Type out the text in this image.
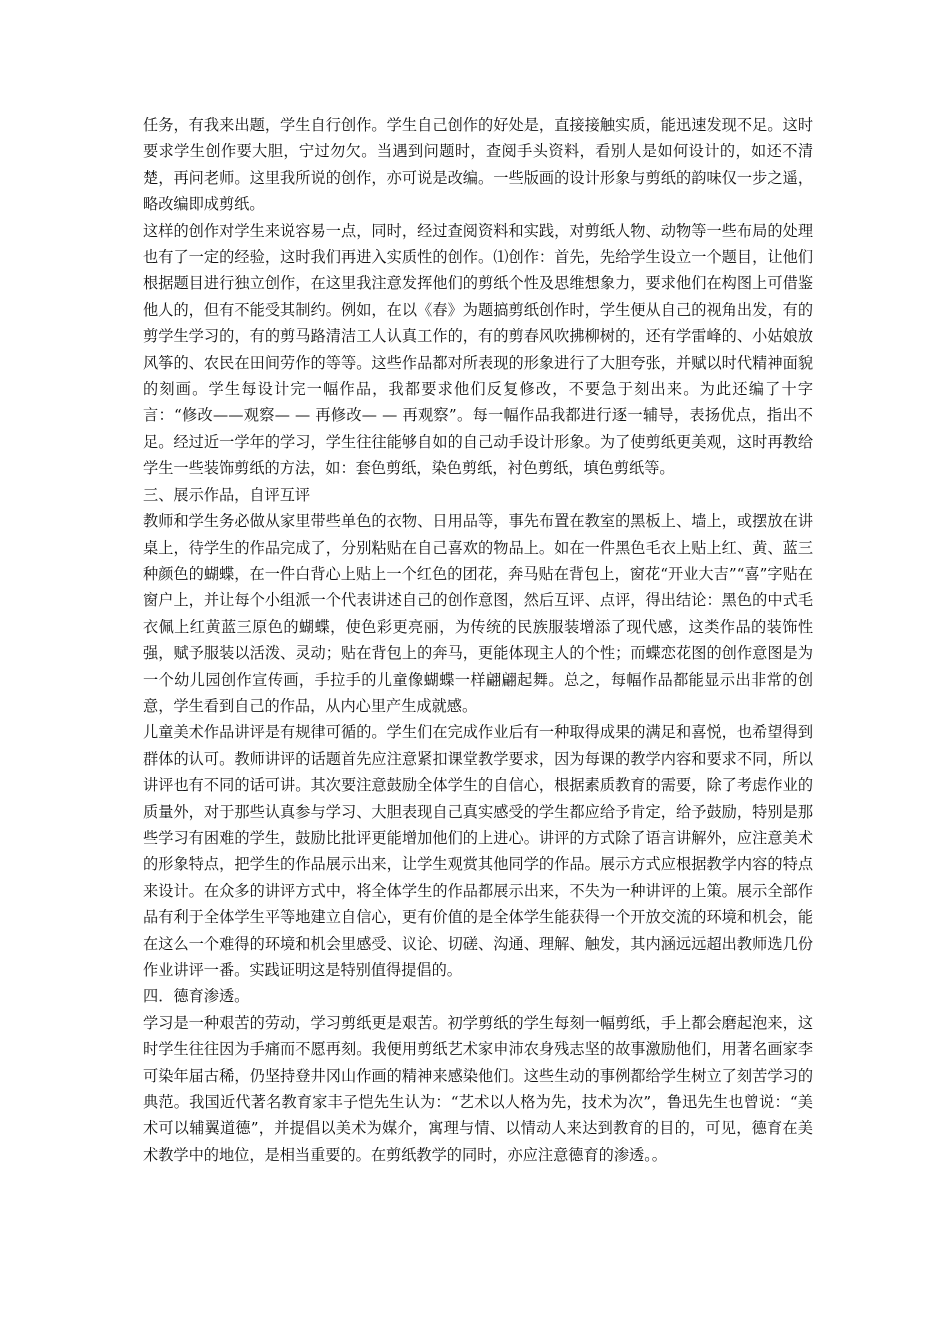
任务，有我来出题，学生自行创作。学生自己创作的好处是，直接接触实质，能迅速发现不足。这时要求学生创作要大胆，宁过勿欠。当遇到问题时，查阅手头资料，看别人是如何设计的，如还不清楚，再问老师。这里我所说的创作，亦可说是改编。一些版画的设计形象与剪纸的韵味仅一步之遥，略改编即成剪纸。

这样的创作对学生来说容易一点，同时，经过查阅资料和实践，对剪纸人物、动物等一些布局的处理也有了一定的经验，这时我们再进入实质性的创作。⑴创作：首先，先给学生设立一个题目，让他们根据题目进行独立创作，在这里我注意发挥他们的剪纸个性及思维想象力，要求他们在构图上可借鉴他人的，但有不能受其制约。例如，在以《春》为题搞剪纸创作时，学生便从自己的视角出发，有的剪学生学习的，有的剪马路清洁工人认真工作的，有的剪春风吹拂柳树的，还有学雷峰的、小姑娘放风筝的、农民在田间劳作的等等。这些作品都对所表现的形象进行了大胆夸张，并赋以时代精神面貌的刻画。学生每设计完一幅作品，我都要求他们反复修改，不要急于刻出来。为此还编了十字言：“修改——观察— — 再修改— — 再观察”。每一幅作品我都进行逐一辅导，表扬优点，指出不足。经过近一学年的学习，学生往往能够自如的自己动手设计形象。为了使剪纸更美观，这时再教给学生一些装饰剪纸的方法，如：套色剪纸，染色剪纸，衬色剪纸，填色剪纸等。

三、展示作品，自评互评

教师和学生务必做从家里带些单色的衣物、日用品等，事先布置在教室的黑板上、墙上，或摆放在讲桌上，待学生的作品完成了，分别粘贴在自己喜欢的物品上。如在一件黑色毛衣上贴上红、黄、蓝三种颜色的蝴蝶，在一件白背心上贴上一个红色的团花，奔马贴在背包上，窗花“开业大吉”“喜”字贴在窗户上，并让每个小组派一个代表讲述自己的创作意图，然后互评、点评，得出结论：黑色的中式毛衣佩上红黄蓝三原色的蝴蝶，使色彩更亮丽，为传统的民族服装增添了现代感，这类作品的装饰性强，赋予服装以活泼、灵动；贴在背包上的奔马，更能体现主人的个性；而蝶恋花图的创作意图是为一个幼儿园创作宣传画，手拉手的儿童像蝴蝶一样翩翩起舞。总之，每幅作品都能显示出非常的创意，学生看到自己的作品，从内心里产生成就感。

儿童美术作品讲评是有规律可循的。学生们在完成作业后有一种取得成果的满足和喜悦，也希望得到群体的认可。教师讲评的话题首先应注意紧扣课堂教学要求，因为每课的教学内容和要求不同，所以讲评也有不同的话可讲。其次要注意鼓励全体学生的自信心，根据素质教育的需要，除了考虑作业的质量外，对于那些认真参与学习、大胆表现自己真实感受的学生都应给予肯定，给予鼓励，特别是那些学习有困难的学生，鼓励比批评更能增加他们的上进心。讲评的方式除了语言讲解外，应注意美术的形象特点，把学生的作品展示出来，让学生观赏其他同学的作品。展示方式应根据教学内容的特点来设计。在众多的讲评方式中，将全体学生的作品都展示出来，不失为一种讲评的上策。展示全部作品有利于全体学生平等地建立自信心，更有价值的是全体学生能获得一个开放交流的环境和机会，能在这么一个难得的环境和机会里感受、议论、切磋、沟通、理解、触发，其内涵远远超出教师选几份作业讲评一番。实践证明这是特别值得提倡的。

四．德育渗透。

学习是一种艰苦的劳动，学习剪纸更是艰苦。初学剪纸的学生每刻一幅剪纸，手上都会磨起泡来，这时学生往往因为手痛而不愿再刻。我便用剪纸艺术家申沛农身残志坚的故事激励他们，用著名画家李可染年届古稀，仍坚持登井冈山作画的精神来感染他们。这些生动的事例都给学生树立了刻苦学习的典范。我国近代著名教育家丰子恺先生认为：“艺术以人格为先，技术为次”，鲁迅先生也曾说：“美术可以辅翼道德”，并提倡以美术为媒介，寓理与情、以情动人来达到教育的目的，可见，德育在美术教学中的地位，是相当重要的。在剪纸教学的同时，亦应注意德育的渗透。。
